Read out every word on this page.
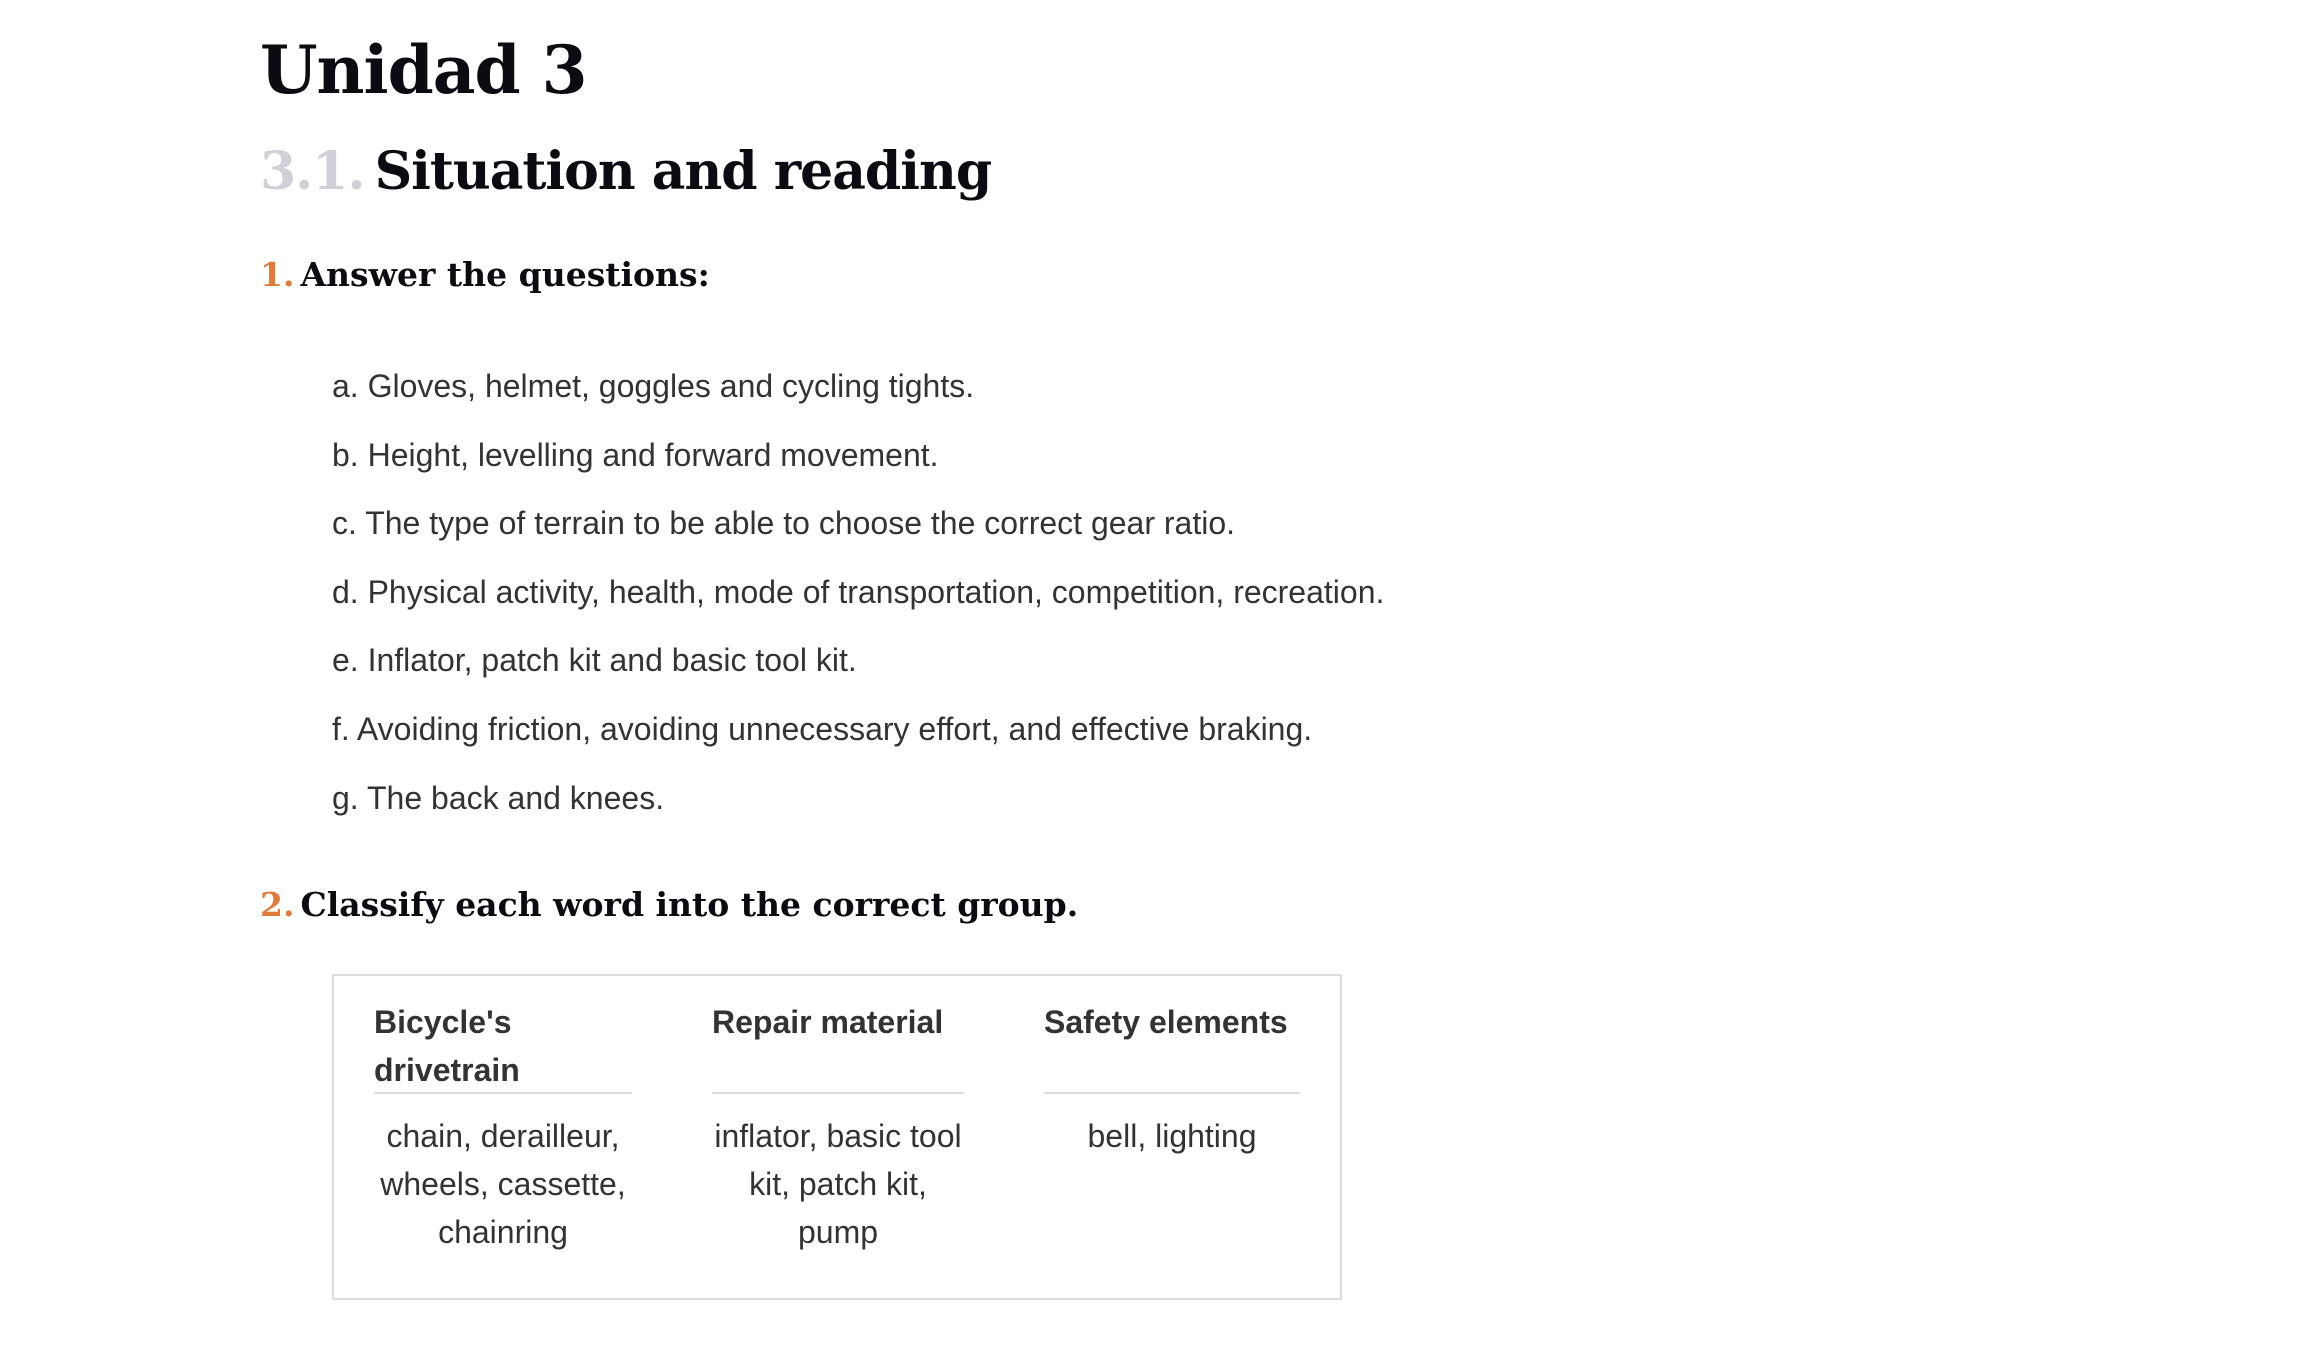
Unidad 3
3.1. Situation and reading
1. Answer the questions:
a. Gloves, helmet, goggles and cycling tights.
b. Height, levelling and forward movement.
c. The type of terrain to be able to choose the correct gear ratio.
d. Physical activity, health, mode of transportation, competition, recreation.
e. Inflator, patch kit and basic tool kit.
f. Avoiding friction, avoiding unnecessary effort, and effective braking.
g. The back and knees.
2. Classify each word into the correct group.
Bicycle's drivetrain
chain, derailleur, wheels, cassette, chainring
Repair material
inflator, basic tool kit, patch kit, pump
Safety elements
bell, lighting
